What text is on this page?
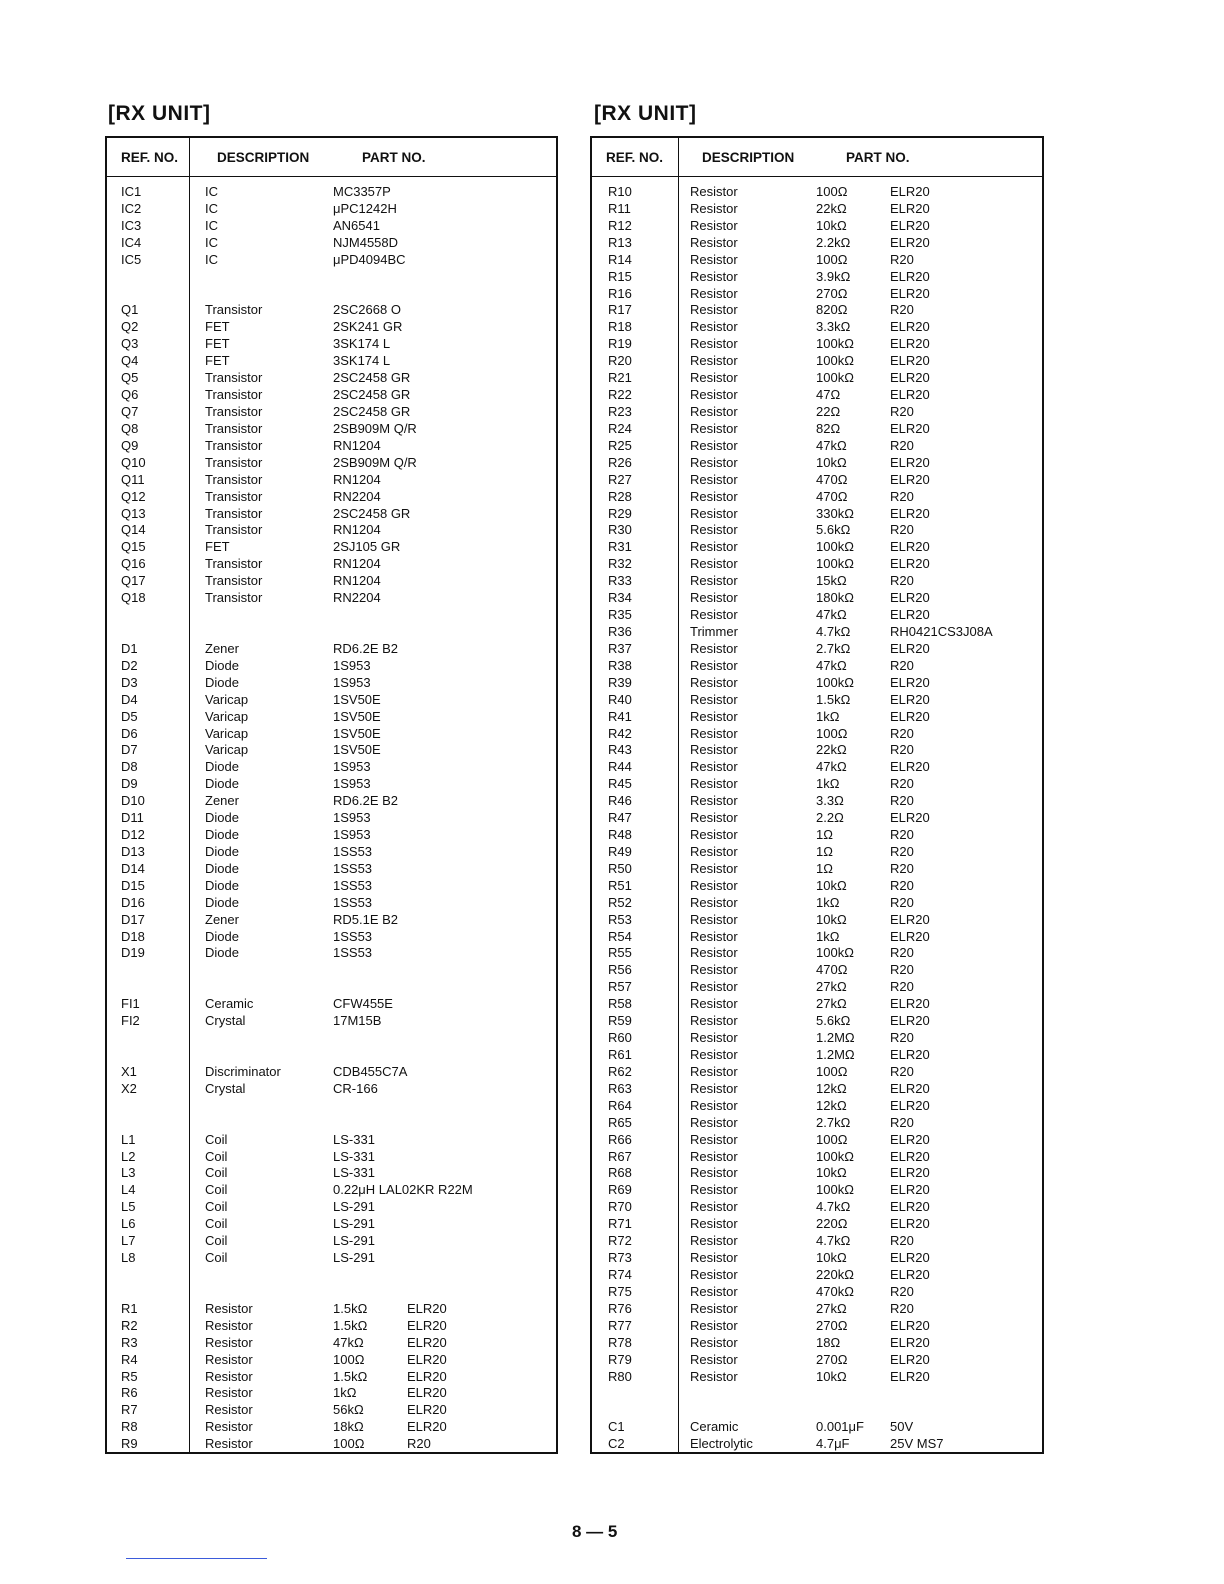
[RX UNIT]	[RX UNIT]
REF. NO.	DESCRIPTION	PART NO.
IC1	IC	MC3357P
IC2	IC	μPC1242H
IC3	IC	AN6541
IC4	IC	NJM4558D
IC5	IC	μPD4094BC
Q1	Transistor	2SC2668 O
Q2	FET	2SK241 GR
Q3	FET	3SK174 L
Q4	FET	3SK174 L
Q5	Transistor	2SC2458 GR
Q6	Transistor	2SC2458 GR
Q7	Transistor	2SC2458 GR
Q8	Transistor	2SB909M Q/R
Q9	Transistor	RN1204
Q10	Transistor	2SB909M Q/R
Q11	Transistor	RN1204
Q12	Transistor	RN2204
Q13	Transistor	2SC2458 GR
Q14	Transistor	RN1204
Q15	FET	2SJ105 GR
Q16	Transistor	RN1204
Q17	Transistor	RN1204
Q18	Transistor	RN2204
D1	Zener	RD6.2E B2
D2	Diode	1S953
D3	Diode	1S953
D4	Varicap	1SV50E
D5	Varicap	1SV50E
D6	Varicap	1SV50E
D7	Varicap	1SV50E
D8	Diode	1S953
D9	Diode	1S953
D10	Zener	RD6.2E B2
D11	Diode	1S953
D12	Diode	1S953
D13	Diode	1SS53
D14	Diode	1SS53
D15	Diode	1SS53
D16	Diode	1SS53
D17	Zener	RD5.1E B2
D18	Diode	1SS53
D19	Diode	1SS53
FI1	Ceramic	CFW455E
FI2	Crystal	17M15B
X1	Discriminator	CDB455C7A
X2	Crystal	CR-166
L1	Coil	LS-331
L2	Coil	LS-331
L3	Coil	LS-331
L4	Coil	0.22μH LAL02KR R22M
L5	Coil	LS-291
L6	Coil	LS-291
L7	Coil	LS-291
L8	Coil	LS-291
R1	Resistor	1.5kΩ	ELR20
R2	Resistor	1.5kΩ	ELR20
R3	Resistor	47kΩ	ELR20
R4	Resistor	100Ω	ELR20
R5	Resistor	1.5kΩ	ELR20
R6	Resistor	1kΩ	ELR20
R7	Resistor	56kΩ	ELR20
R8	Resistor	18kΩ	ELR20
R9	Resistor	100Ω	R20
REF. NO.	DESCRIPTION	PART NO.
R10	Resistor	100Ω	ELR20
R11	Resistor	22kΩ	ELR20
R12	Resistor	10kΩ	ELR20
R13	Resistor	2.2kΩ	ELR20
R14	Resistor	100Ω	R20
R15	Resistor	3.9kΩ	ELR20
R16	Resistor	270Ω	ELR20
R17	Resistor	820Ω	R20
R18	Resistor	3.3kΩ	ELR20
R19	Resistor	100kΩ	ELR20
R20	Resistor	100kΩ	ELR20
R21	Resistor	100kΩ	ELR20
R22	Resistor	47Ω	ELR20
R23	Resistor	22Ω	R20
R24	Resistor	82Ω	ELR20
R25	Resistor	47kΩ	R20
R26	Resistor	10kΩ	ELR20
R27	Resistor	470Ω	ELR20
R28	Resistor	470Ω	R20
R29	Resistor	330kΩ	ELR20
R30	Resistor	5.6kΩ	R20
R31	Resistor	100kΩ	ELR20
R32	Resistor	100kΩ	ELR20
R33	Resistor	15kΩ	R20
R34	Resistor	180kΩ	ELR20
R35	Resistor	47kΩ	ELR20
R36	Trimmer	4.7kΩ	RH0421CS3J08A
R37	Resistor	2.7kΩ	ELR20
R38	Resistor	47kΩ	R20
R39	Resistor	100kΩ	ELR20
R40	Resistor	1.5kΩ	ELR20
R41	Resistor	1kΩ	ELR20
R42	Resistor	100Ω	R20
R43	Resistor	22kΩ	R20
R44	Resistor	47kΩ	ELR20
R45	Resistor	1kΩ	R20
R46	Resistor	3.3Ω	R20
R47	Resistor	2.2Ω	ELR20
R48	Resistor	1Ω	R20
R49	Resistor	1Ω	R20
R50	Resistor	1Ω	R20
R51	Resistor	10kΩ	R20
R52	Resistor	1kΩ	R20
R53	Resistor	10kΩ	ELR20
R54	Resistor	1kΩ	ELR20
R55	Resistor	100kΩ	R20
R56	Resistor	470Ω	R20
R57	Resistor	27kΩ	R20
R58	Resistor	27kΩ	ELR20
R59	Resistor	5.6kΩ	ELR20
R60	Resistor	1.2MΩ	R20
R61	Resistor	1.2MΩ	ELR20
R62	Resistor	100Ω	R20
R63	Resistor	12kΩ	ELR20
R64	Resistor	12kΩ	ELR20
R65	Resistor	2.7kΩ	R20
R66	Resistor	100Ω	ELR20
R67	Resistor	100kΩ	ELR20
R68	Resistor	10kΩ	ELR20
R69	Resistor	100kΩ	ELR20
R70	Resistor	4.7kΩ	ELR20
R71	Resistor	220Ω	ELR20
R72	Resistor	4.7kΩ	R20
R73	Resistor	10kΩ	ELR20
R74	Resistor	220kΩ	ELR20
R75	Resistor	470kΩ	R20
R76	Resistor	27kΩ	R20
R77	Resistor	270Ω	ELR20
R78	Resistor	18Ω	ELR20
R79	Resistor	270Ω	ELR20
R80	Resistor	10kΩ	ELR20
C1	Ceramic	0.001μF 50V
C2	Electrolytic	4.7μF	25V MS7
8 — 5
